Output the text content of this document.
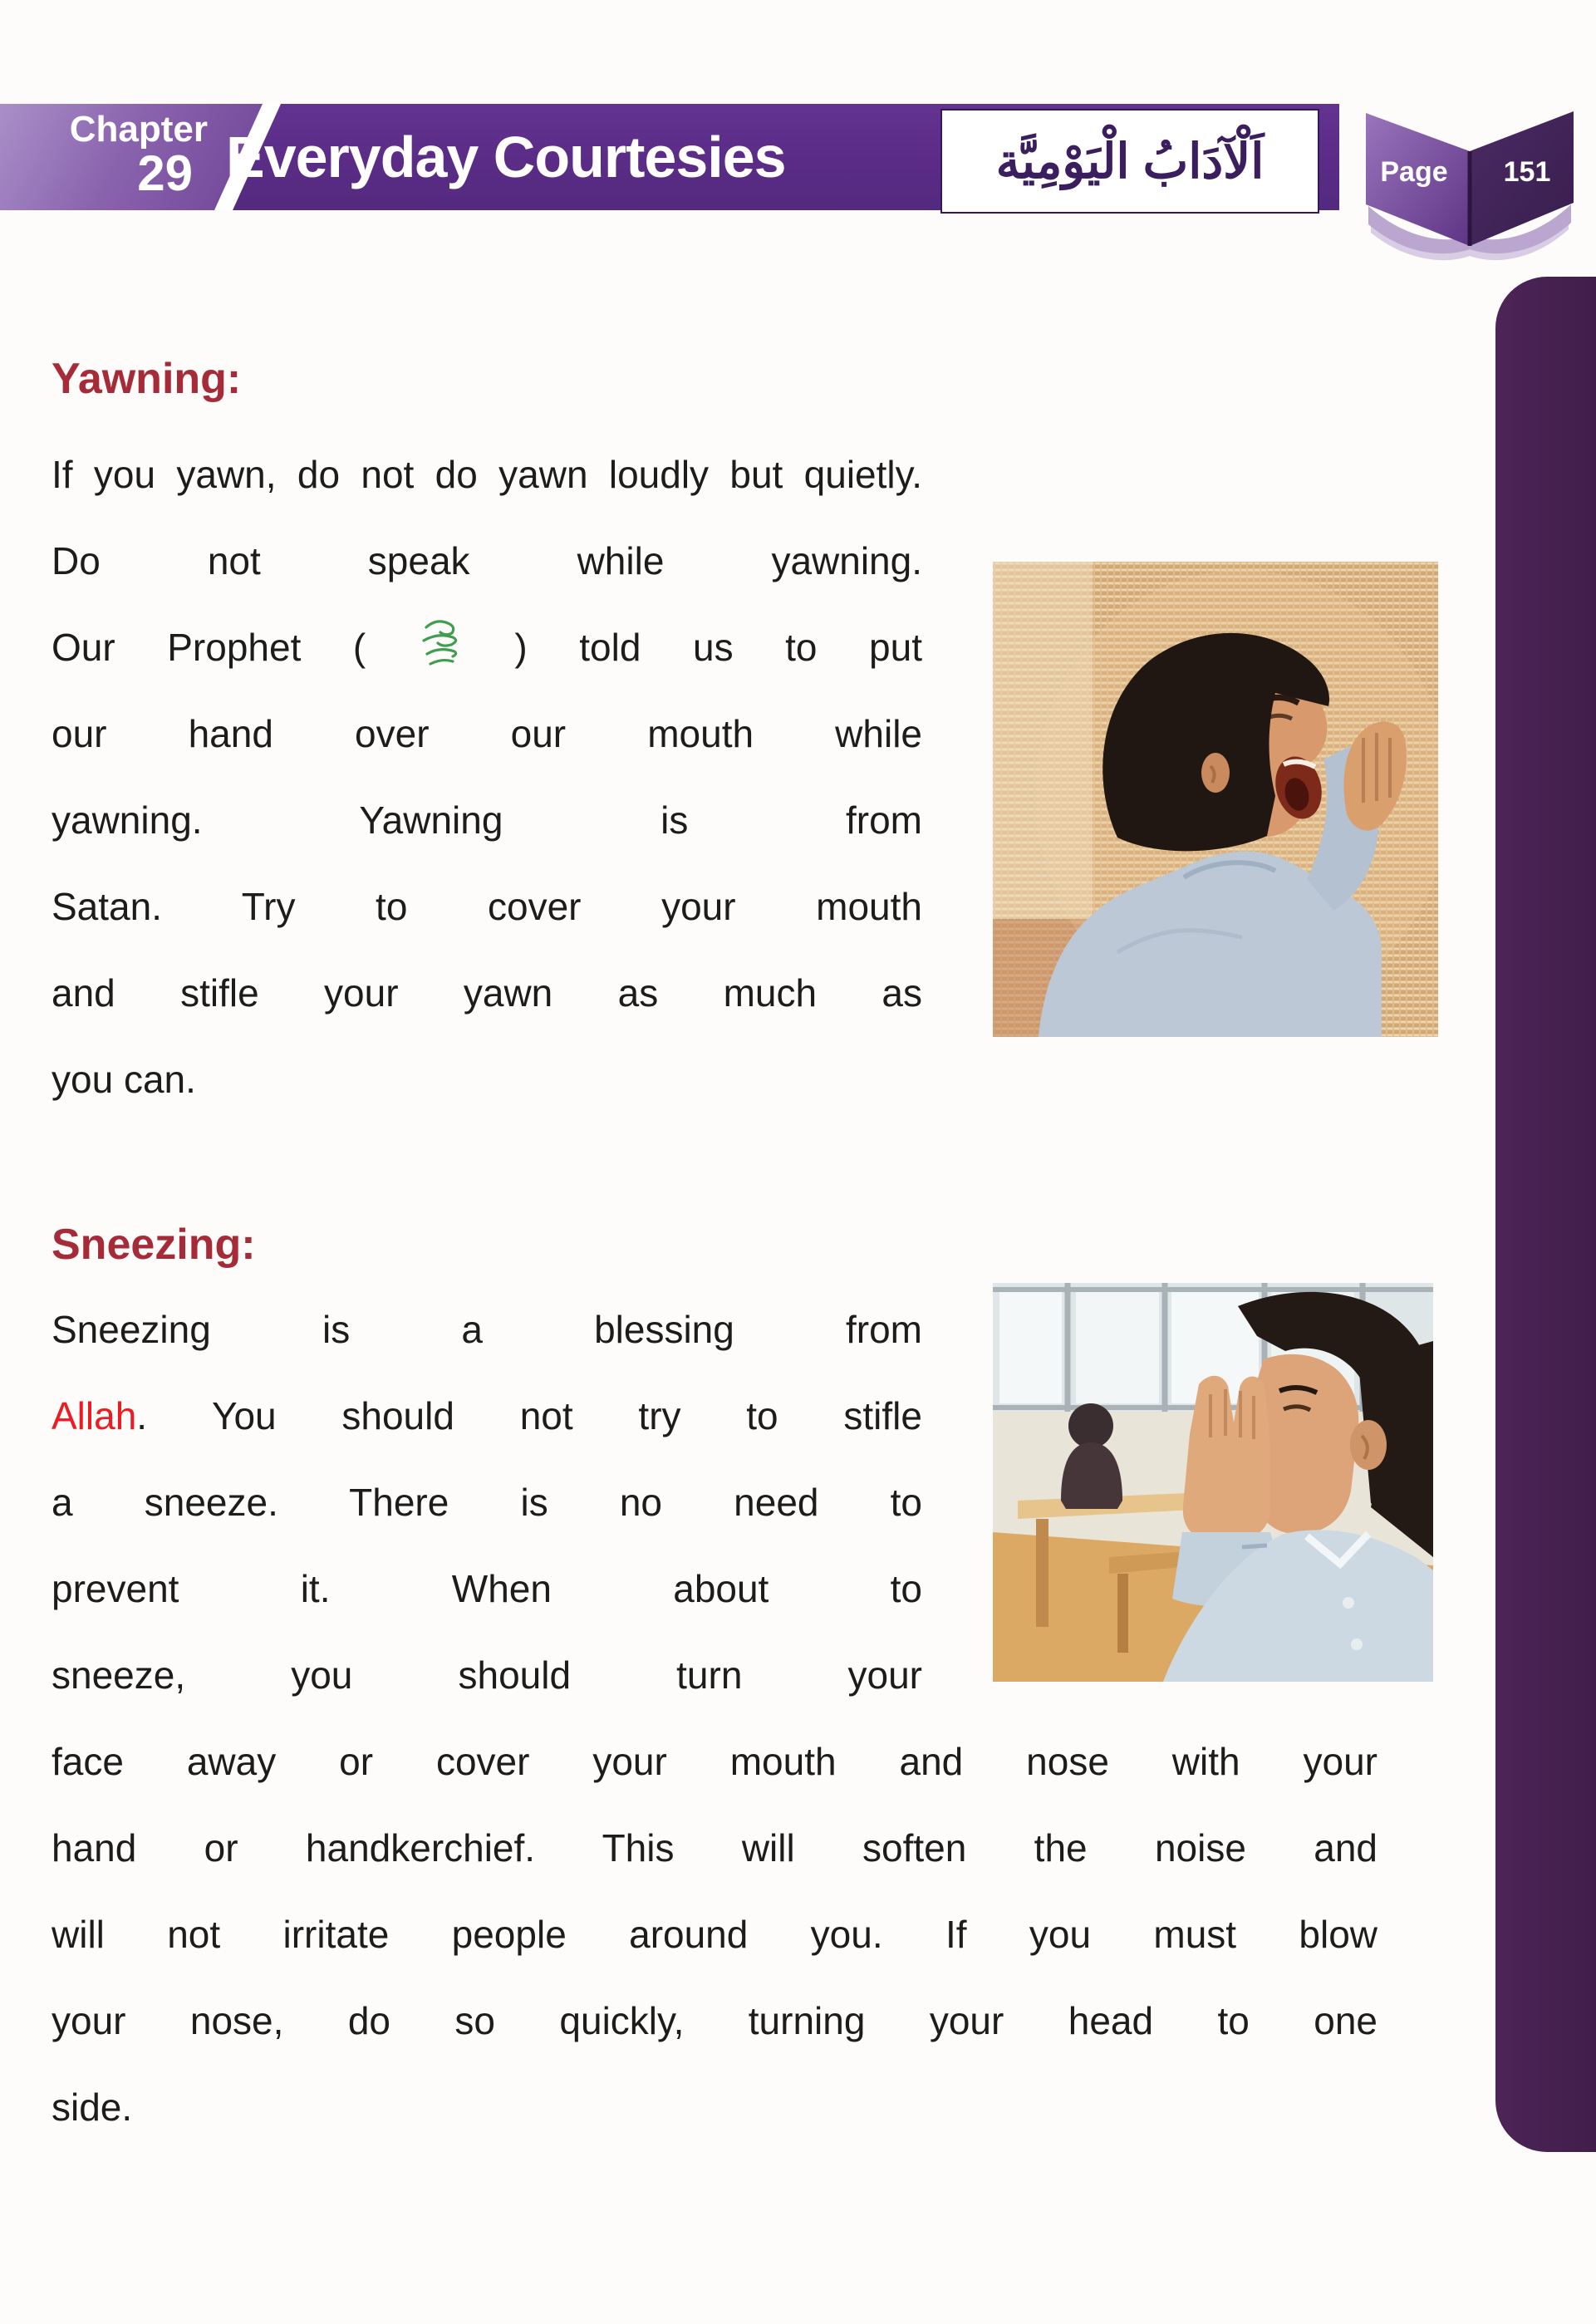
Chapter
29 Everyday Courtesies	اَلْآدَابُ الْيَوْمِيَّة	Page	151
Yawning:
If you yawn, do not do yawn loudly but quietly.
Do not speak while yawning.
Our Prophet (  ) told us to put
our hand over our mouth while
yawning. Yawning is from
Satan. Try to cover your mouth
and stifle your yawn as much as
you can.
Sneezing:
Sneezing is a blessing from
Allah. You should not try to stifle
a sneeze. There is no need to
prevent it. When about to
sneeze, you should turn your
face away or cover your mouth and nose with your
hand or handkerchief. This will soften the noise and
will not irritate people around you. If you must blow
your nose, do so quickly, turning your head to one
side.
